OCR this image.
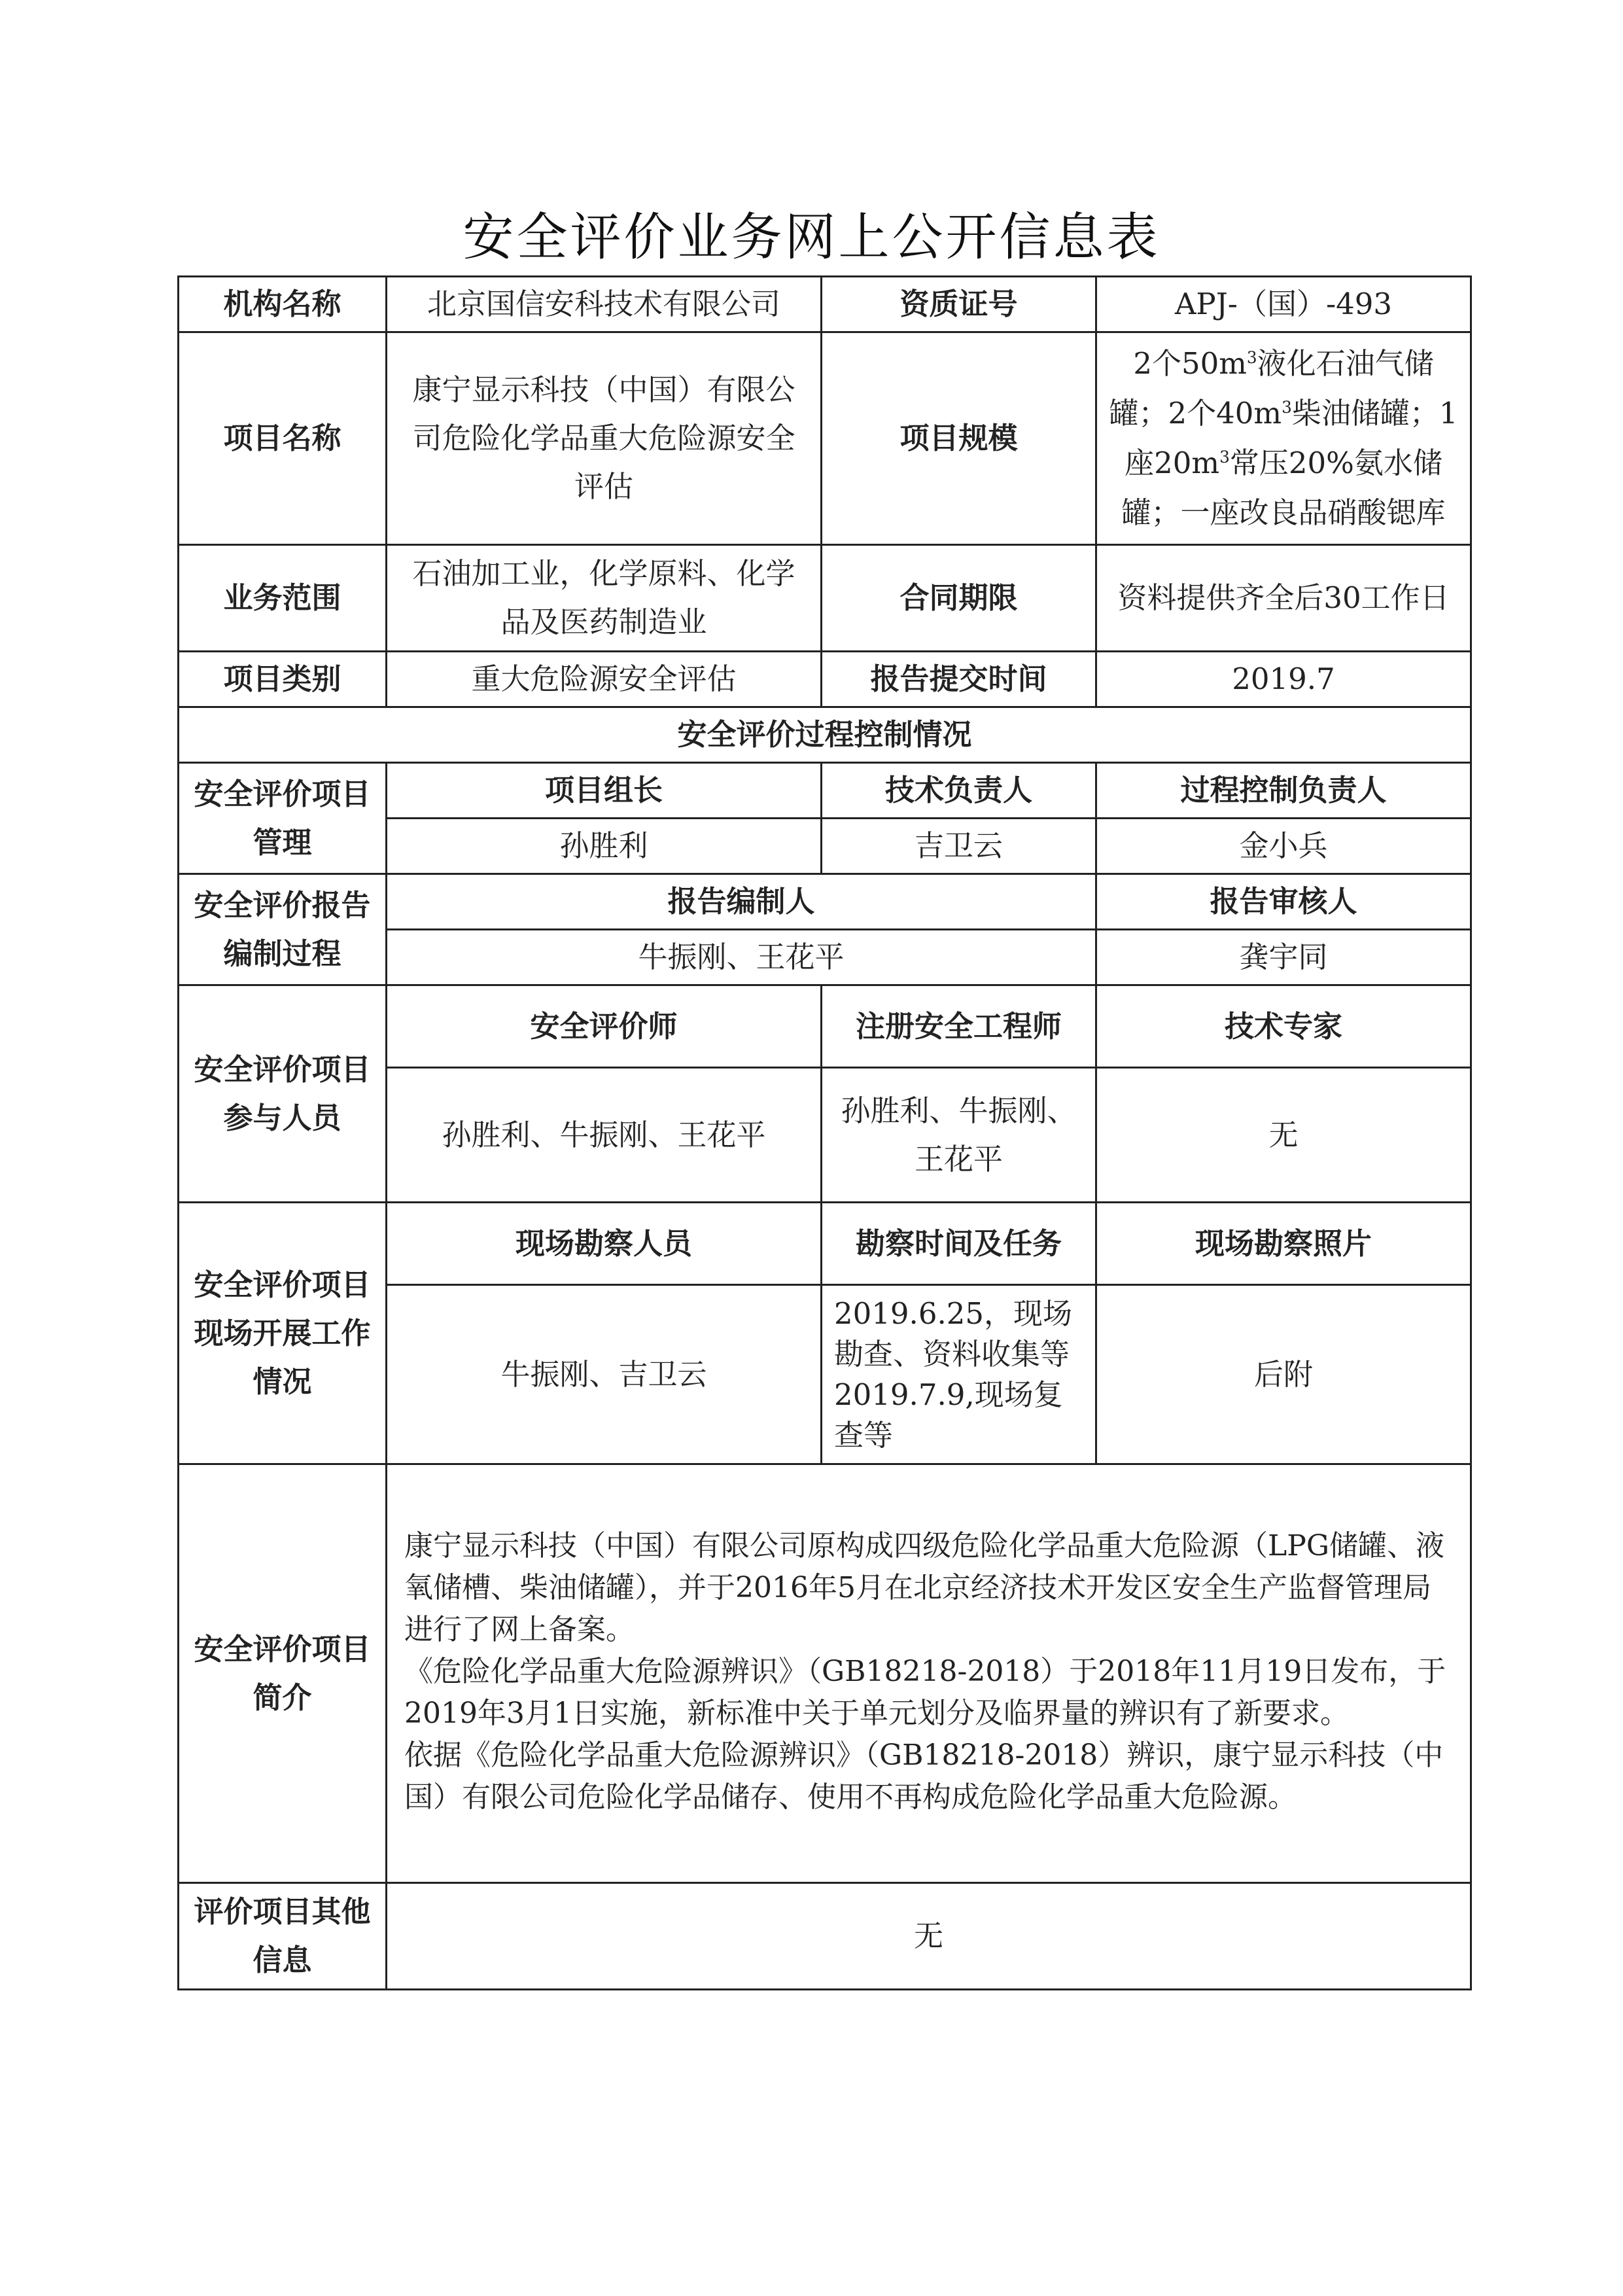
安全评价业务网上公开信息表
机构名称	北京国信安科技术有限公司	资质证号	APJ-（国）-493
项目名称	康宁显示科技（中国）有限公司危险化学品重大危险源安全评估	项目规模	2个$50m^3$液化石油气储罐；2个$40m^3$柴油储罐；1座$20m^3$常压20%氨水储罐；一座改良品硝酸锶库
业务范围	石油加工业，化学原料、化学品及医药制造业	合同期限	资料提供齐全后30工作日
项目类别	重大危险源安全评估	报告提交时间	2019.7
安全评价过程控制情况			
安全评价项目管理	项目组长	技术负责人	过程控制负责人
	孙胜利	吉卫云	金小兵
安全评价报告编制过程	报告编制人		报告审核人
	牛振刚、王花平		龚宇同
安全评价项目参与人员	安全评价师	注册安全工程师	技术专家
	孙胜利、牛振刚、王花平	孙胜利、牛振刚、王花平	无
安全评价项目现场开展工作情况	现场勘察人员	勘察时间及任务	现场勘察照片
	牛振刚、吉卫云	2019.6.25，现场勘查、资料收集等2019.7.9,现场复查等	后附
安全评价项目简介	康宁显示科技（中国）有限公司原构成四级危险化学品重大危险源（LPG储罐、液氧储槽、柴油储罐），并于2016年5月在北京经济技术开发区安全生产监督管理局进行了网上备案。

《危险化学品重大危险源辨识》（GB18218-2018）于2018年11月19日发布，于2019年3月1日实施，新标准中关于单元划分及临界量的辨识有了新要求。

依据《危险化学品重大危险源辨识》（GB18218-2018）辨识，康宁显示科技（中国）有限公司危险化学品储存、使用不再构成危险化学品重大危险源。		

评价项目其他信息	无		
